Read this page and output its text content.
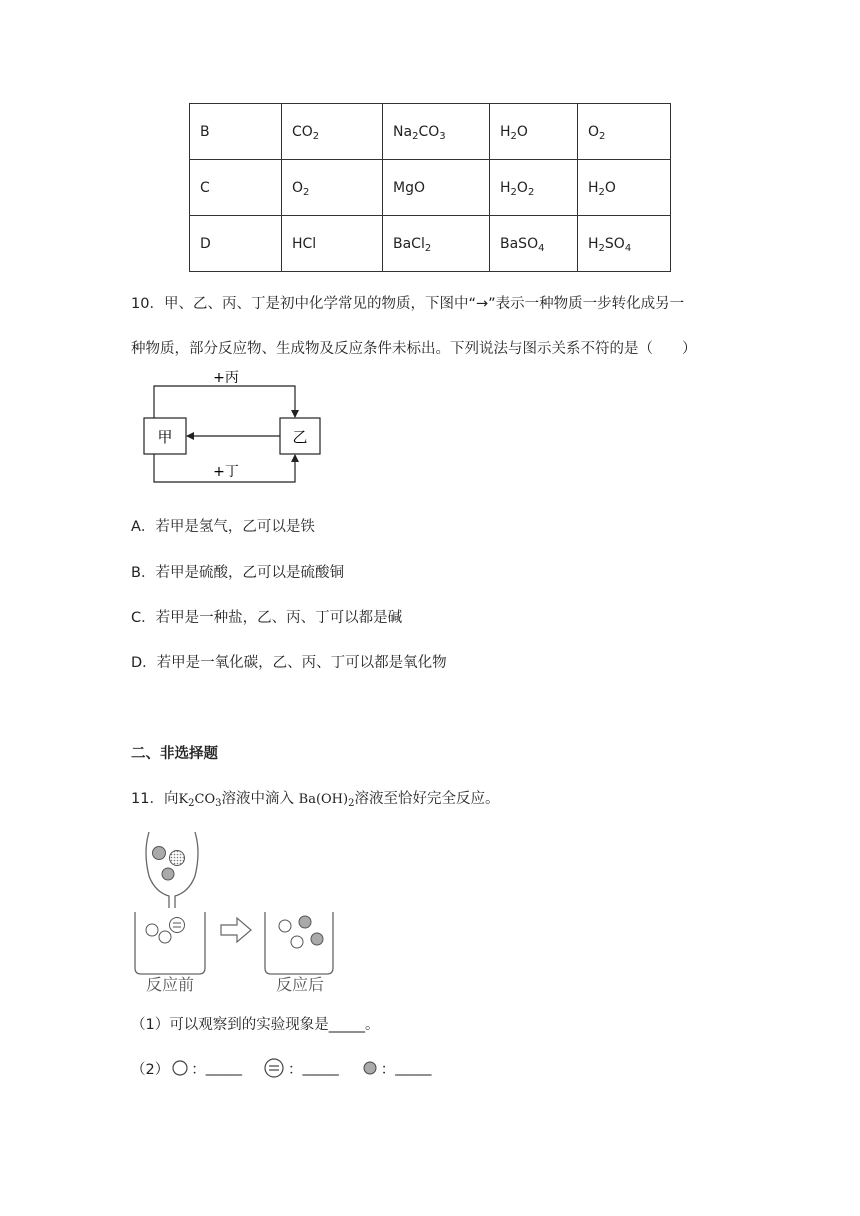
B	$CO_2$	$Na_2CO_3$	$H_2O$	$O_2$
C	$O_2$	MgO	$H_2O_2$	$H_2O$
D	HCl	BaCl$_2$	BaSO$_4$	$H_2SO_4$
10．甲、乙、丙、丁是初中化学常见的物质，下图中“→”表示一种物质一步转化成另一
种物质，部分反应物、生成物及反应条件未标出。下列说法与图示关系不符的是（　　）
甲	乙
+丙
+丁
A．若甲是氢气，乙可以是铁
B．若甲是硫酸，乙可以是硫酸铜
C．若甲是一种盐，乙、丙、丁可以都是碱
D．若甲是一氧化碳，乙、丙、丁可以都是氧化物
二、非选择题
11．向$K_2CO_3$溶液中滴入 $Ba(OH)_2$溶液至恰好完全反应。
反应前	反应后
（1）可以观察到的实验现象是_____。
（2） ： _____	： _____	： _____
